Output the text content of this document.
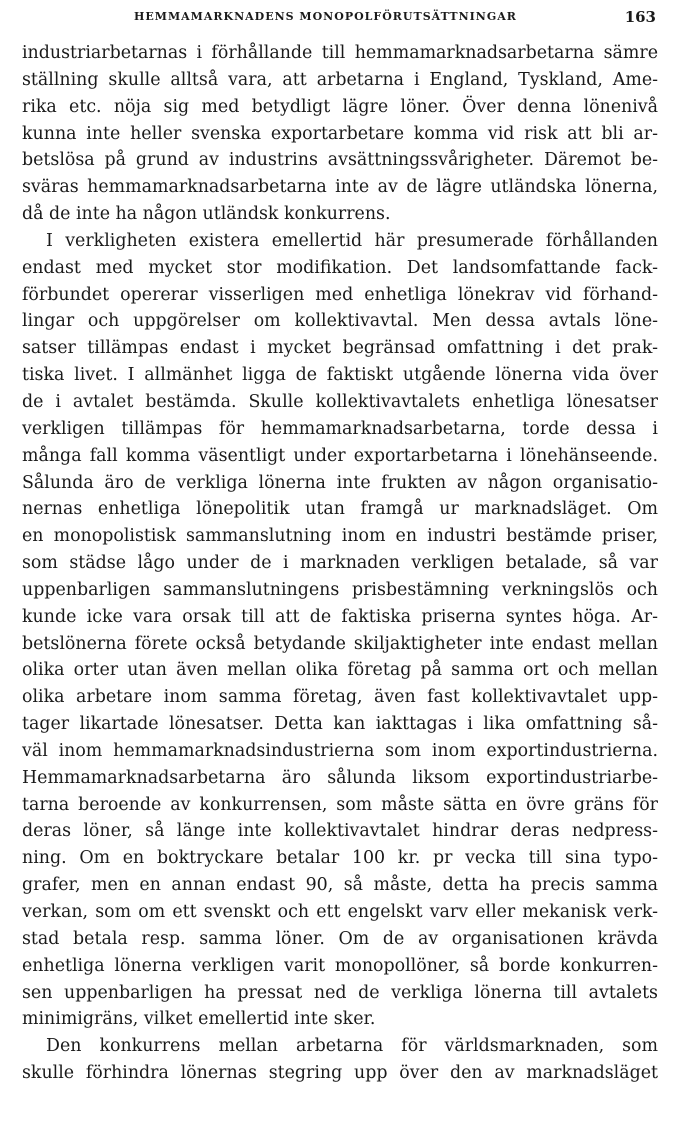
HEMMAMARKNADENS MONOPOLFÖRUTSÄTTNINGAR	163
industriarbetarnas i förhållande till hemmamarknadsarbetarna sämre
ställning skulle alltså vara, att arbetarna i England, Tyskland, Ame-
rika etc. nöja sig med betydligt lägre löner. Över denna lönenivå
kunna inte heller svenska exportarbetare komma vid risk att bli ar-
betslösa på grund av industrins avsättningssvårigheter. Däremot be-
sväras hemmamarknadsarbetarna inte av de lägre utländska lönerna,
då de inte ha någon utländsk konkurrens.
I verkligheten existera emellertid här presumerade förhållanden
endast med mycket stor modifikation. Det landsomfattande fack-
förbundet opererar visserligen med enhetliga lönekrav vid förhand-
lingar och uppgörelser om kollektivavtal. Men dessa avtals löne-
satser tillämpas endast i mycket begränsad omfattning i det prak-
tiska livet. I allmänhet ligga de faktiskt utgående lönerna vida över
de i avtalet bestämda. Skulle kollektivavtalets enhetliga lönesatser
verkligen tillämpas för hemmamarknadsarbetarna, torde dessa i
många fall komma väsentligt under exportarbetarna i lönehänseende.
Sålunda äro de verkliga lönerna inte frukten av någon organisatio-
nernas enhetliga lönepolitik utan framgå ur marknadsläget. Om
en monopolistisk sammanslutning inom en industri bestämde priser,
som städse lågo under de i marknaden verkligen betalade, så var
uppenbarligen sammanslutningens prisbestämning verkningslös och
kunde icke vara orsak till att de faktiska priserna syntes höga. Ar-
betslönerna förete också betydande skiljaktigheter inte endast mellan
olika orter utan även mellan olika företag på samma ort och mellan
olika arbetare inom samma företag, även fast kollektivavtalet upp-
tager likartade lönesatser. Detta kan iakttagas i lika omfattning så-
väl inom hemmamarknadsindustrierna som inom exportindustrierna.
Hemmamarknadsarbetarna äro sålunda liksom exportindustriarbe-
tarna beroende av konkurrensen, som måste sätta en övre gräns för
deras löner, så länge inte kollektivavtalet hindrar deras nedpress-
ning. Om en boktryckare betalar 100 kr. pr vecka till sina typo-
grafer, men en annan endast 90, så måste, detta ha precis samma
verkan, som om ett svenskt och ett engelskt varv eller mekanisk verk-
stad betala resp. samma löner. Om de av organisationen krävda
enhetliga lönerna verkligen varit monopollöner, så borde konkurren-
sen uppenbarligen ha pressat ned de verkliga lönerna till avtalets
minimigräns, vilket emellertid inte sker.
Den konkurrens mellan arbetarna för världsmarknaden, som
skulle förhindra lönernas stegring upp över den av marknadsläget
